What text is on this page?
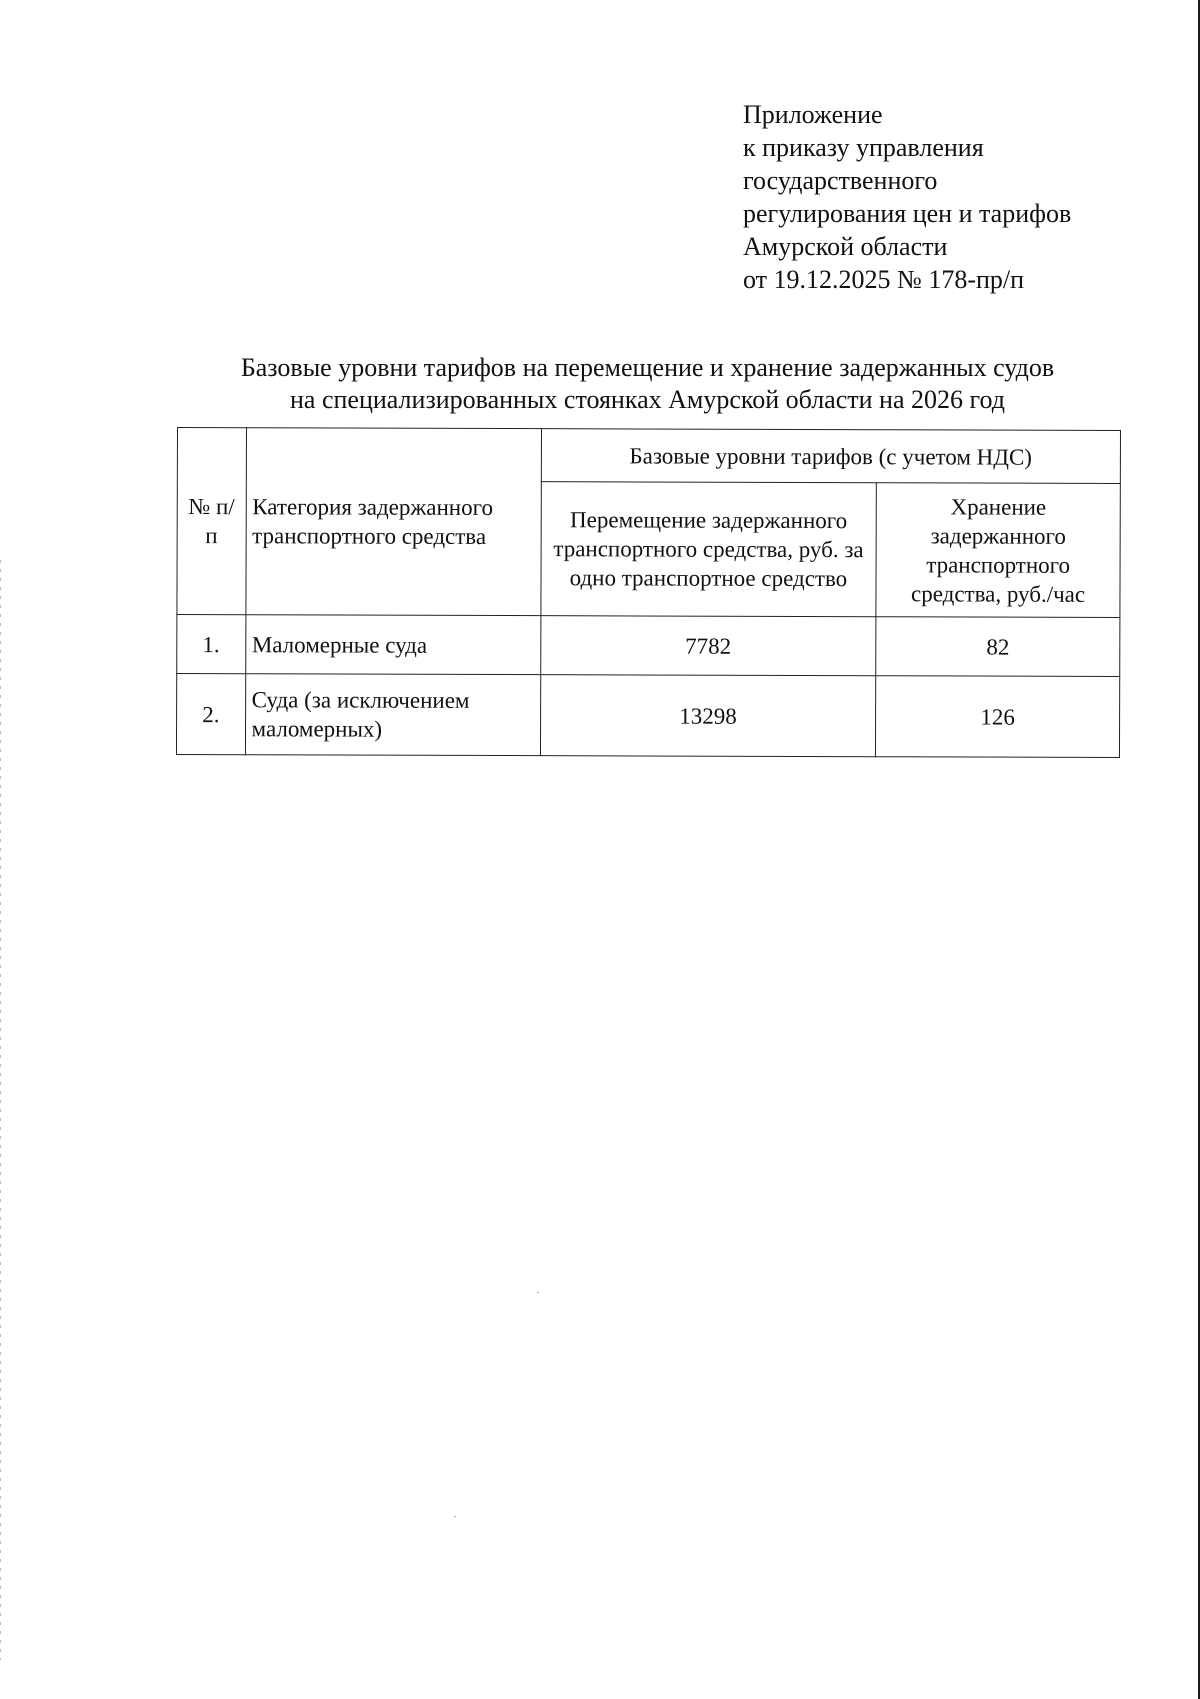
Приложение
к приказу управления
государственного
регулирования цен и тарифов
Амурской области
от 19.12.2025 № 178-пр/п
Базовые уровни тарифов на перемещение и хранение задержанных судов
на специализированных стоянках Амурской области на 2026 год
№ п/п	Категория задержанного транспортного средства	Базовые уровни тарифов (с учетом НДС)	
		Перемещение задержанного транспортного средства, руб. за одно транспортное средство	Хранение задержанного транспортного средства, руб./час
1.	Маломерные суда	7782	82
2.	Суда (за исключением маломерных)	13298	126
